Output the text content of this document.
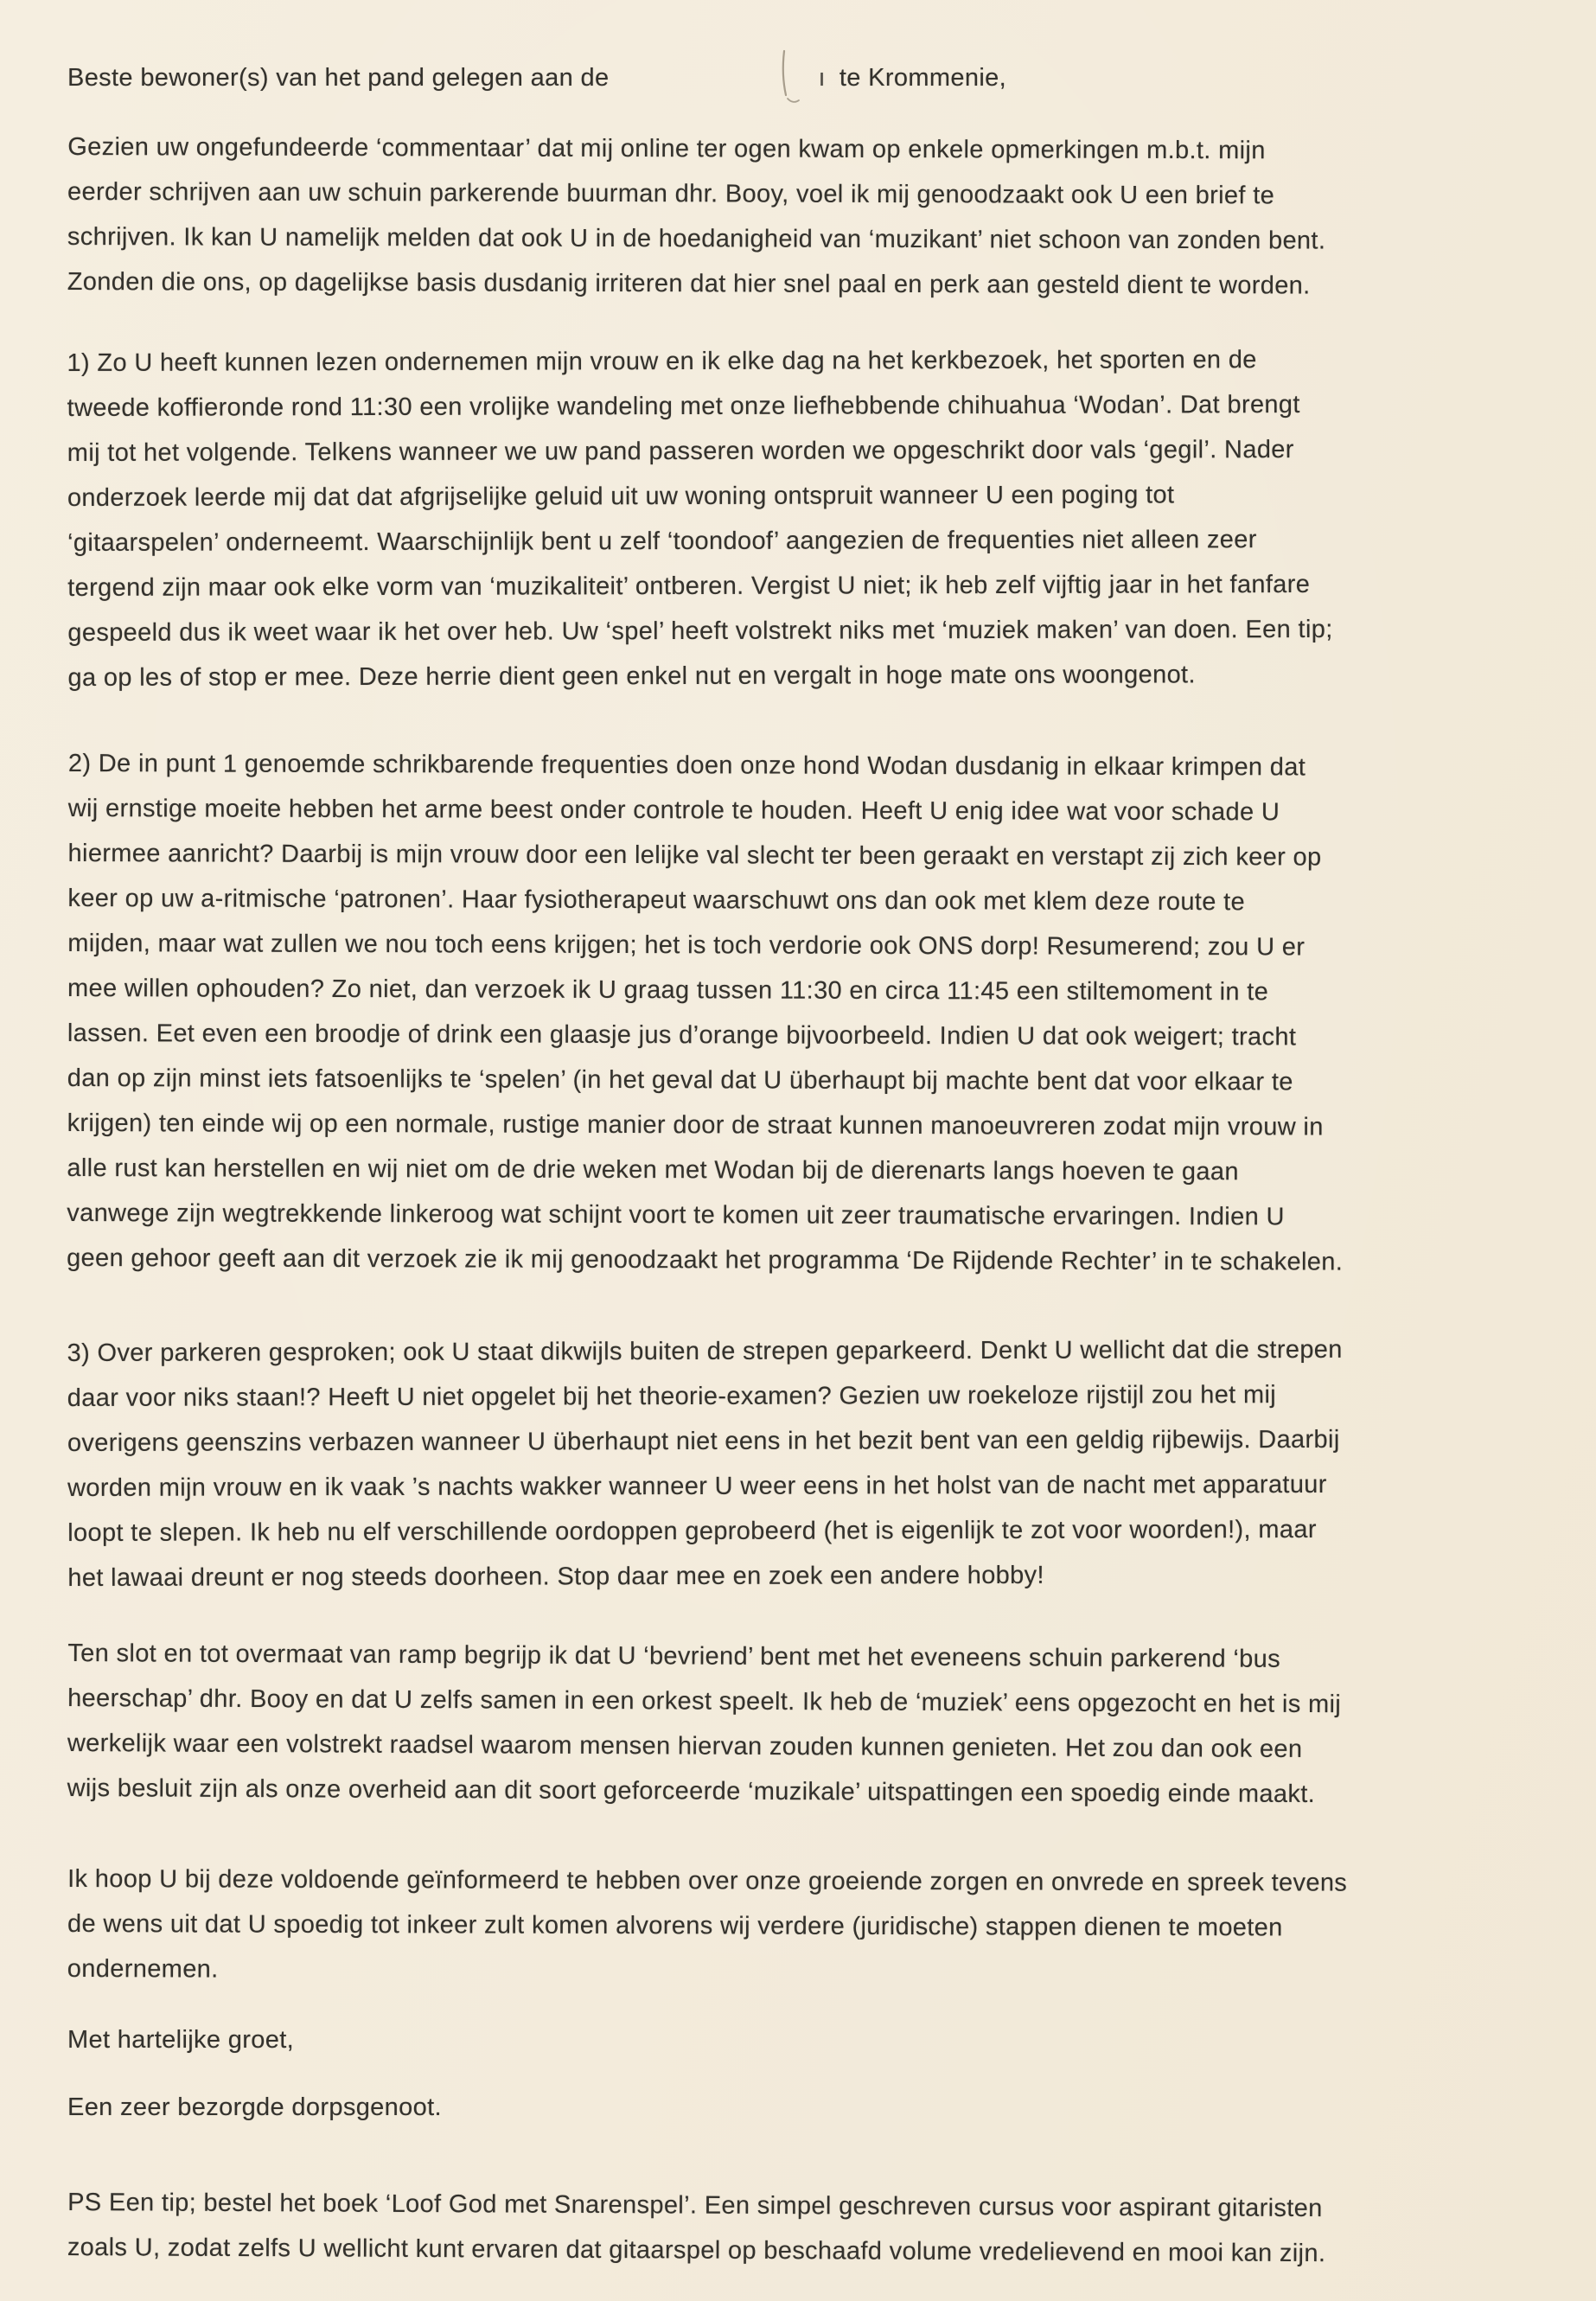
Beste bewoner(s) van het pand gelegen aan de

	ı te Krommenie,
Gezien uw ongefundeerde ‘commentaar’ dat mij online ter ogen kwam op enkele opmerkingen m.b.t. mijn
eerder schrijven aan uw schuin parkerende buurman dhr. Booy, voel ik mij genoodzaakt ook U een brief te
schrijven. Ik kan U namelijk melden dat ook U in de hoedanigheid van ‘muzikant’ niet schoon van zonden bent.
Zonden die ons, op dagelijkse basis dusdanig irriteren dat hier snel paal en perk aan gesteld dient te worden.
1) Zo U heeft kunnen lezen ondernemen mijn vrouw en ik elke dag na het kerkbezoek, het sporten en de
tweede koffieronde rond 11:30 een vrolijke wandeling met onze liefhebbende chihuahua ‘Wodan’. Dat brengt
mij tot het volgende. Telkens wanneer we uw pand passeren worden we opgeschrikt door vals ‘gegil’. Nader
onderzoek leerde mij dat dat afgrijselijke geluid uit uw woning ontspruit wanneer U een poging tot
‘gitaarspelen’ onderneemt. Waarschijnlijk bent u zelf ‘toondoof’ aangezien de frequenties niet alleen zeer
tergend zijn maar ook elke vorm van ‘muzikaliteit’ ontberen. Vergist U niet; ik heb zelf vijftig jaar in het fanfare
gespeeld dus ik weet waar ik het over heb. Uw ‘spel’ heeft volstrekt niks met ‘muziek maken’ van doen. Een tip;
ga op les of stop er mee. Deze herrie dient geen enkel nut en vergalt in hoge mate ons woongenot.
2) De in punt 1 genoemde schrikbarende frequenties doen onze hond Wodan dusdanig in elkaar krimpen dat
wij ernstige moeite hebben het arme beest onder controle te houden. Heeft U enig idee wat voor schade U
hiermee aanricht? Daarbij is mijn vrouw door een lelijke val slecht ter been geraakt en verstapt zij zich keer op
keer op uw a-ritmische ‘patronen’. Haar fysiotherapeut waarschuwt ons dan ook met klem deze route te
mijden, maar wat zullen we nou toch eens krijgen; het is toch verdorie ook ONS dorp! Resumerend; zou U er
mee willen ophouden? Zo niet, dan verzoek ik U graag tussen 11:30 en circa 11:45 een stiltemoment in te
lassen. Eet even een broodje of drink een glaasje jus d’orange bijvoorbeeld. Indien U dat ook weigert; tracht
dan op zijn minst iets fatsoenlijks te ‘spelen’ (in het geval dat U überhaupt bij machte bent dat voor elkaar te
krijgen) ten einde wij op een normale, rustige manier door de straat kunnen manoeuvreren zodat mijn vrouw in
alle rust kan herstellen en wij niet om de drie weken met Wodan bij de dierenarts langs hoeven te gaan
vanwege zijn wegtrekkende linkeroog wat schijnt voort te komen uit zeer traumatische ervaringen. Indien U
geen gehoor geeft aan dit verzoek zie ik mij genoodzaakt het programma ‘De Rijdende Rechter’ in te schakelen.
3) Over parkeren gesproken; ook U staat dikwijls buiten de strepen geparkeerd. Denkt U wellicht dat die strepen
daar voor niks staan!? Heeft U niet opgelet bij het theorie-examen? Gezien uw roekeloze rijstijl zou het mij
overigens geenszins verbazen wanneer U überhaupt niet eens in het bezit bent van een geldig rijbewijs. Daarbij
worden mijn vrouw en ik vaak ’s nachts wakker wanneer U weer eens in het holst van de nacht met apparatuur
loopt te slepen. Ik heb nu elf verschillende oordoppen geprobeerd (het is eigenlijk te zot voor woorden!), maar
het lawaai dreunt er nog steeds doorheen. Stop daar mee en zoek een andere hobby!
Ten slot en tot overmaat van ramp begrijp ik dat U ‘bevriend’ bent met het eveneens schuin parkerend ‘bus
heerschap’ dhr. Booy en dat U zelfs samen in een orkest speelt. Ik heb de ‘muziek’ eens opgezocht en het is mij
werkelijk waar een volstrekt raadsel waarom mensen hiervan zouden kunnen genieten. Het zou dan ook een
wijs besluit zijn als onze overheid aan dit soort geforceerde ‘muzikale’ uitspattingen een spoedig einde maakt.
Ik hoop U bij deze voldoende geïnformeerd te hebben over onze groeiende zorgen en onvrede en spreek tevens
de wens uit dat U spoedig tot inkeer zult komen alvorens wij verdere (juridische) stappen dienen te moeten
ondernemen.
Met hartelijke groet,
Een zeer bezorgde dorpsgenoot.
PS Een tip; bestel het boek ‘Loof God met Snarenspel’. Een simpel geschreven cursus voor aspirant gitaristen
zoals U, zodat zelfs U wellicht kunt ervaren dat gitaarspel op beschaafd volume vredelievend en mooi kan zijn.
